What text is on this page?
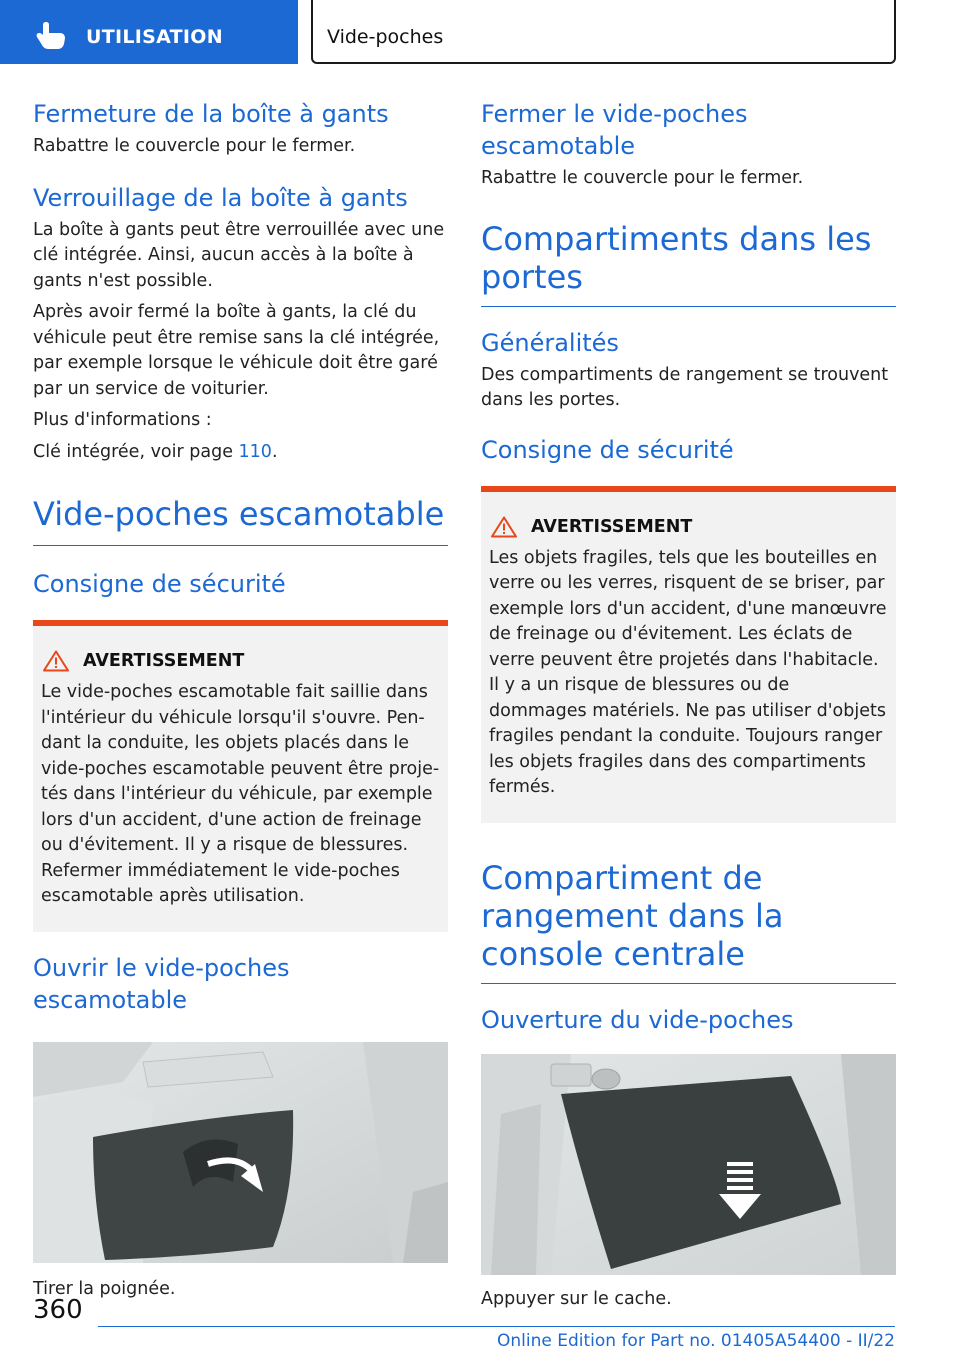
UTILISATION	Vide-poches
Fermeture de la boîte à gants

Rabattre le couvercle pour le fermer.

Verrouillage de la boîte à gants

La boîte à gants peut être verrouillée avec une clé intégrée. Ainsi, aucun accès à la boîte à gants n'est possible.

Après avoir fermé la boîte à gants, la clé du véhicule peut être remise sans la clé intégrée, par exemple lorsque le véhicule doit être garé par un service de voiturier.

Plus d'informations :

Clé intégrée, voir page 110.

Vide-poches escamotable
Consigne de sécurité
AVERTISSEMENT

Le vide-poches escamotable fait saillie dans l'intérieur du véhicule lorsqu'il s'ouvre. Pendant la conduite, les objets placés dans le vide-poches escamotable peuvent être projetés dans l'intérieur du véhicule, par exemple lors d'un accident, d'une action de freinage ou d'évitement. Il y a risque de blessures. Refermer immédiatement le vide-poches escamotable après utilisation.

Ouvrir le vide-poches escamotable

Tirer la poignée.

Fermer le vide-poches escamotable

Rabattre le couvercle pour le fermer.

Compartiments dans les portes
Généralités

Des compartiments de rangement se trouvent dans les portes.

Consigne de sécurité
AVERTISSEMENT

Les objets fragiles, tels que les bouteilles en verre ou les verres, risquent de se briser, par exemple lors d'un accident, d'une manœuvre de freinage ou d'évitement. Les éclats de verre peuvent être projetés dans l'habitacle. Il y a un risque de blessures ou de dommages matériels. Ne pas utiliser d'objets fragiles pendant la conduite. Toujours ranger les objets fragiles dans des compartiments fermés.

Compartiment de rangement dans la console centrale
Ouverture du vide-poches

Appuyer sur le cache.

360
Online Edition for Part no. 01405A54400 - II/22
